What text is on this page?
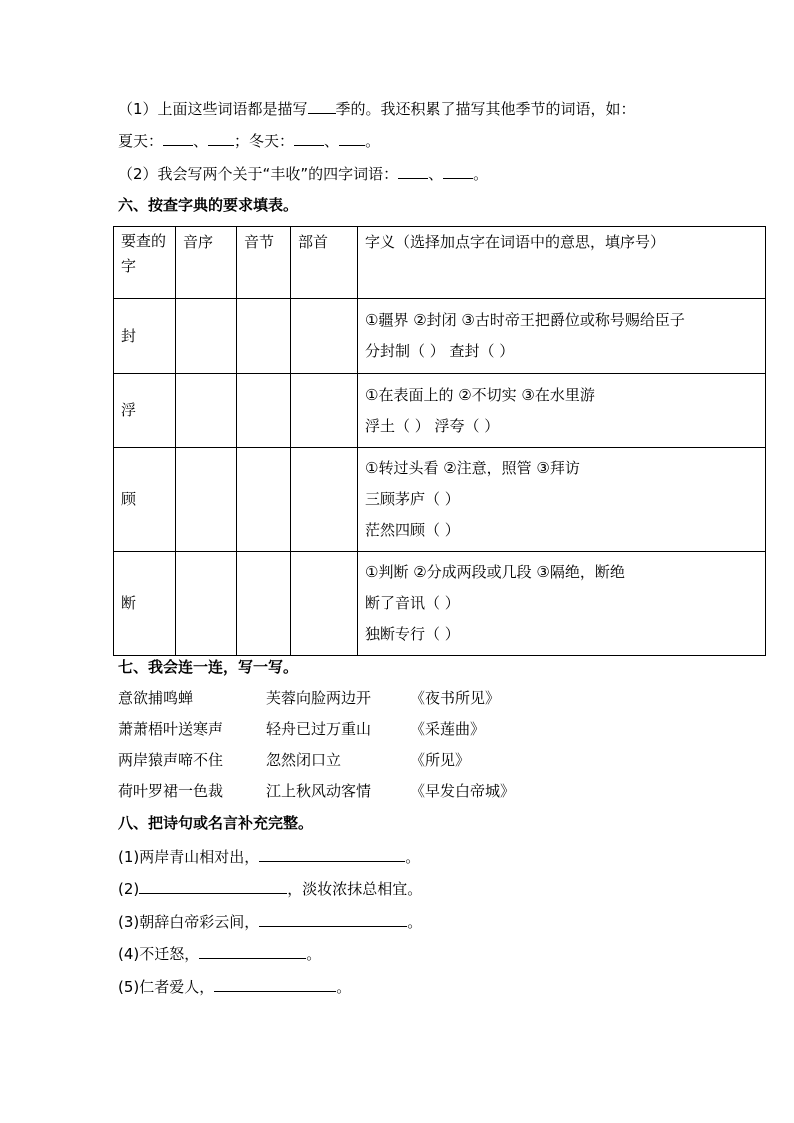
（1）上面这些词语都是描写 季的。我还积累了描写其他季节的词语，如：
夏天： 、 ；冬天： 、 。
（2）我会写两个关于“丰收”的四字词语： 、 。
六、按查字典的要求填表。
要查的字	音序	音节	部首	字义（选择加点字在词语中的意思，填序号）
封				①疆界 ②封闭 ③古时帝王把爵位或称号赐给臣子
分封制（ ） 查封（ ）

浮				①在表面上的 ②不切实 ③在水里游
浮土（ ） 浮夸（ ）

顾				①转过头看 ②注意，照管 ③拜访
三顾茅庐（ ）
茫然四顾（ ）

断				①判断 ②分成两段或几段 ③隔绝，断绝
断了音讯（ ）
独断专行（ ）
七、我会连一连，写一写。
意欲捕鸣蝉	芙蓉向脸两边开	《夜书所见》
萧萧梧叶送寒声	轻舟已过万重山	《采莲曲》
两岸猿声啼不住	忽然闭口立	《所见》
荷叶罗裙一色裁	江上秋风动客情	《早发白帝城》
八、把诗句或名言补充完整。
(1)两岸青山相对出，	。
(2)	，淡妆浓抹总相宜。
(3)朝辞白帝彩云间，	。
(4)不迁怒，	。
(5)仁者爱人，	。
